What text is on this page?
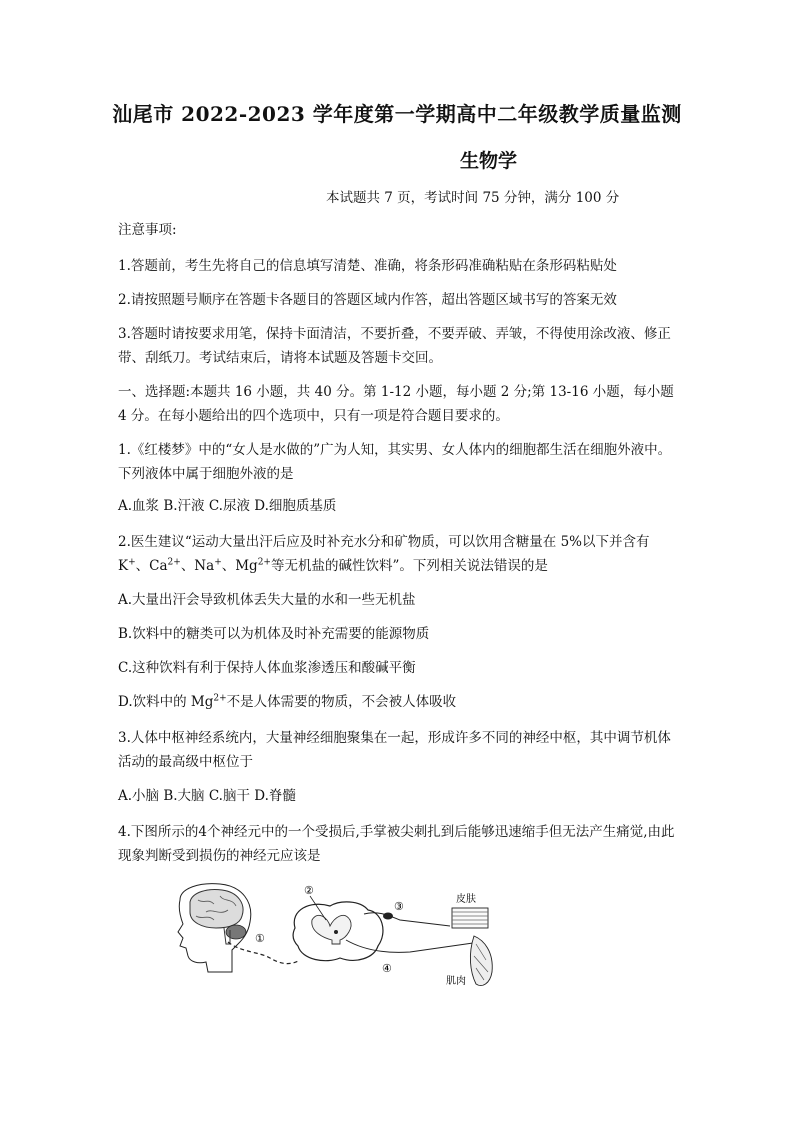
汕尾市 2022-2023 学年度第一学期高中二年级教学质量监测
生物学
本试题共 7 页，考试时间 75 分钟，满分 100 分
注意事项:
1.答题前，考生先将自己的信息填写清楚、准确，将条形码准确粘贴在条形码粘贴处
2.请按照题号顺序在答题卡各题目的答题区域内作答，超出答题区域书写的答案无效
3.答题时请按要求用笔，保持卡面清洁，不要折叠，不要弄破、弄皱，不得使用涂改液、修正带、刮纸刀。考试结束后，请将本试题及答题卡交回。
一、选择题:本题共 16 小题，共 40 分。第 1-12 小题，每小题 2 分;第 13-16 小题，每小题 4 分。在每小题给出的四个选项中，只有一项是符合题目要求的。
1.《红楼梦》中的“女人是水做的”广为人知，其实男、女人体内的细胞都生活在细胞外液中。下列液体中属于细胞外液的是
A.血浆 B.汗液 C.尿液 D.细胞质基质
2.医生建议“运动大量出汗后应及时补充水分和矿物质，可以饮用含糖量在 5%以下并含有 K+、$Ca^{2+}$、Na+、$Mg^{2+}$等无机盐的碱性饮料”。下列相关说法错误的是
A.大量出汗会导致机体丢失大量的水和一些无机盐
B.饮料中的糖类可以为机体及时补充需要的能源物质
C.这种饮料有利于保持人体血浆渗透压和酸碱平衡
D.饮料中的 $Mg^{2+}$不是人体需要的物质，不会被人体吸收
3.人体中枢神经系统内，大量神经细胞聚集在一起，形成许多不同的神经中枢，其中调节机体活动的最高级中枢位于
A.小脑 B.大脑 C.脑干 D.脊髓
4.下图所示的4个神经元中的一个受损后,手掌被尖刺扎到后能够迅速缩手但无法产生痛觉,由此现象判断受到损伤的神经元应该是
①
②
③
④
皮肤
肌肉
